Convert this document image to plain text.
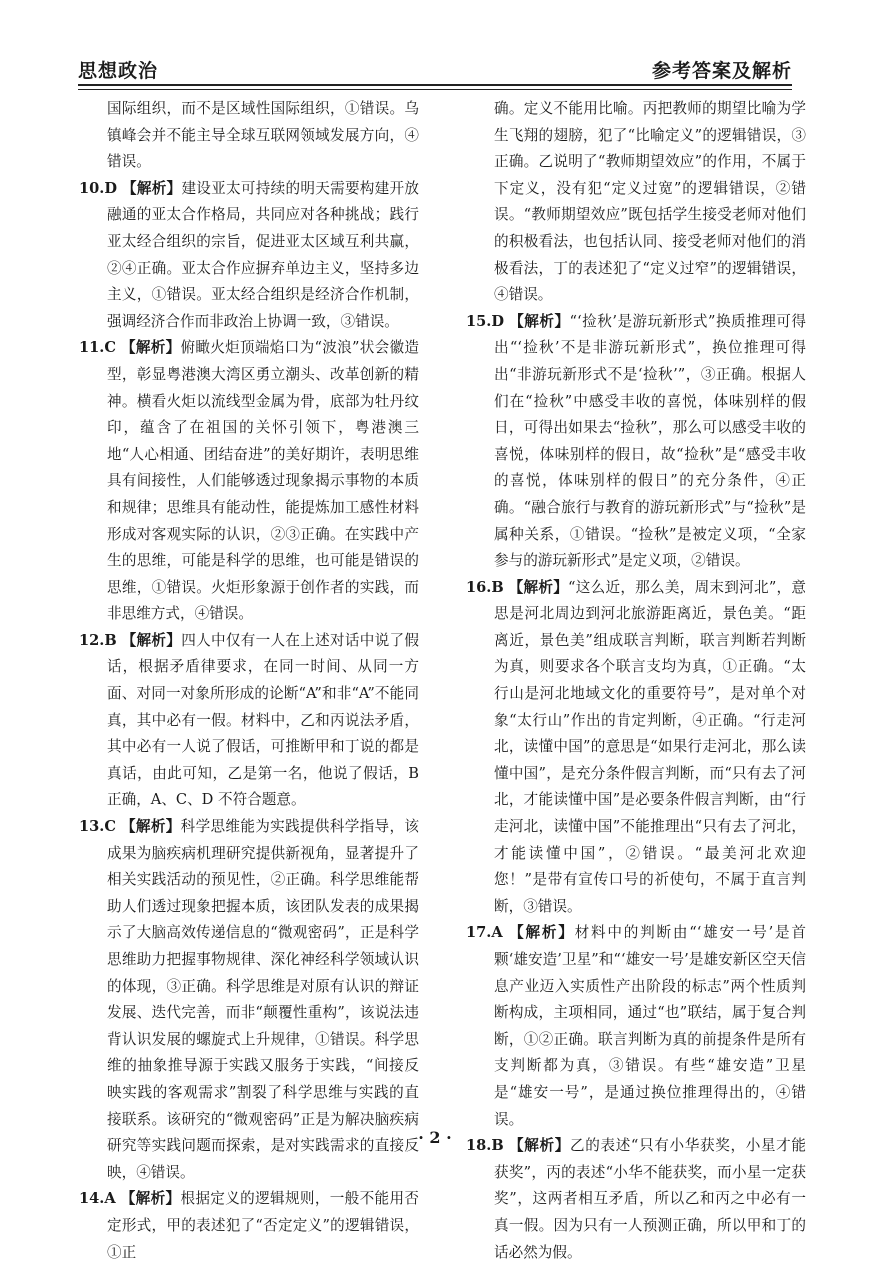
思想政治	参考答案及解析

国际组织，而不是区域性国际组织，①错误。乌镇峰会并不能主导全球互联网领域发展方向，④错误。

10.D 【解析】建设亚太可持续的明天需要构建开放融通的亚太合作格局，共同应对各种挑战；践行亚太经合组织的宗旨，促进亚太区域互利共赢，②④正确。亚太合作应摒弃单边主义，坚持多边主义，①错误。亚太经合组织是经济合作机制，强调经济合作而非政治上协调一致，③错误。

11.C 【解析】俯瞰火炬顶端焰口为“波浪”状会徽造型，彰显粤港澳大湾区勇立潮头、改革创新的精神。横看火炬以流线型金属为骨，底部为牡丹纹印，蕴含了在祖国的关怀引领下，粤港澳三地“人心相通、团结奋进”的美好期许，表明思维具有间接性，人们能够透过现象揭示事物的本质和规律；思维具有能动性，能提炼加工感性材料形成对客观实际的认识，②③正确。在实践中产生的思维，可能是科学的思维，也可能是错误的思维，①错误。火炬形象源于创作者的实践，而非思维方式，④错误。

12.B 【解析】四人中仅有一人在上述对话中说了假话，根据矛盾律要求，在同一时间、从同一方面、对同一对象所形成的论断“A”和非“A”不能同真，其中必有一假。材料中，乙和丙说法矛盾，其中必有一人说了假话，可推断甲和丁说的都是真话，由此可知，乙是第一名，他说了假话，B 正确，A、C、D 不符合题意。

13.C 【解析】科学思维能为实践提供科学指导，该成果为脑疾病机理研究提供新视角，显著提升了相关实践活动的预见性，②正确。科学思维能帮助人们透过现象把握本质，该团队发表的成果揭示了大脑高效传递信息的“微观密码”，正是科学思维助力把握事物规律、深化神经科学领域认识的体现，③正确。科学思维是对原有认识的辩证发展、迭代完善，而非“颠覆性重构”，该说法违背认识发展的螺旋式上升规律，①错误。科学思维的抽象推导源于实践又服务于实践，“间接反映实践的客观需求”割裂了科学思维与实践的直接联系。该研究的“微观密码”正是为解决脑疾病研究等实践问题而探索，是对实践需求的直接反映，④错误。

14.A 【解析】根据定义的逻辑规则，一般不能用否定形式，甲的表述犯了“否定定义”的逻辑错误，①正

确。定义不能用比喻。丙把教师的期望比喻为学生飞翔的翅膀，犯了“比喻定义”的逻辑错误，③正确。乙说明了“教师期望效应”的作用，不属于下定义，没有犯“定义过宽”的逻辑错误，②错误。“教师期望效应”既包括学生接受老师对他们的积极看法，也包括认同、接受老师对他们的消极看法，丁的表述犯了“定义过窄”的逻辑错误，④错误。

15.D 【解析】“‘捡秋’是游玩新形式”换质推理可得出“‘捡秋’不是非游玩新形式”，换位推理可得出“非游玩新形式不是‘捡秋’”，③正确。根据人们在“捡秋”中感受丰收的喜悦，体味别样的假日，可得出如果去“捡秋”，那么可以感受丰收的喜悦，体味别样的假日，故“捡秋”是“感受丰收的喜悦，体味别样的假日”的充分条件，④正确。“融合旅行与教育的游玩新形式”与“捡秋”是属种关系，①错误。“捡秋”是被定义项，“全家参与的游玩新形式”是定义项，②错误。

16.B 【解析】“这么近，那么美，周末到河北”，意思是河北周边到河北旅游距离近，景色美。“距离近，景色美”组成联言判断，联言判断若判断为真，则要求各个联言支均为真，①正确。“太行山是河北地域文化的重要符号”，是对单个对象“太行山”作出的肯定判断，④正确。“行走河北，读懂中国”的意思是“如果行走河北，那么读懂中国”，是充分条件假言判断，而“只有去了河北，才能读懂中国”是必要条件假言判断，由“行走河北，读懂中国”不能推理出“只有去了河北，才能读懂中国”，②错误。“最美河北欢迎您！”是带有宣传口号的祈使句，不属于直言判断，③错误。

17.A 【解析】材料中的判断由“‘雄安一号’是首颗‘雄安造’卫星”和“‘雄安一号’是雄安新区空天信息产业迈入实质性产出阶段的标志”两个性质判断构成，主项相同，通过“也”联结，属于复合判断，①②正确。联言判断为真的前提条件是所有支判断都为真，③错误。有些“雄安造”卫星是“雄安一号”，是通过换位推理得出的，④错误。

18.B 【解析】乙的表述“只有小华获奖，小星才能获奖”，丙的表述“小华不能获奖，而小星一定获奖”，这两者相互矛盾，所以乙和丙之中必有一真一假。因为只有一人预测正确，所以甲和丁的话必然为假。

· 2 ·
